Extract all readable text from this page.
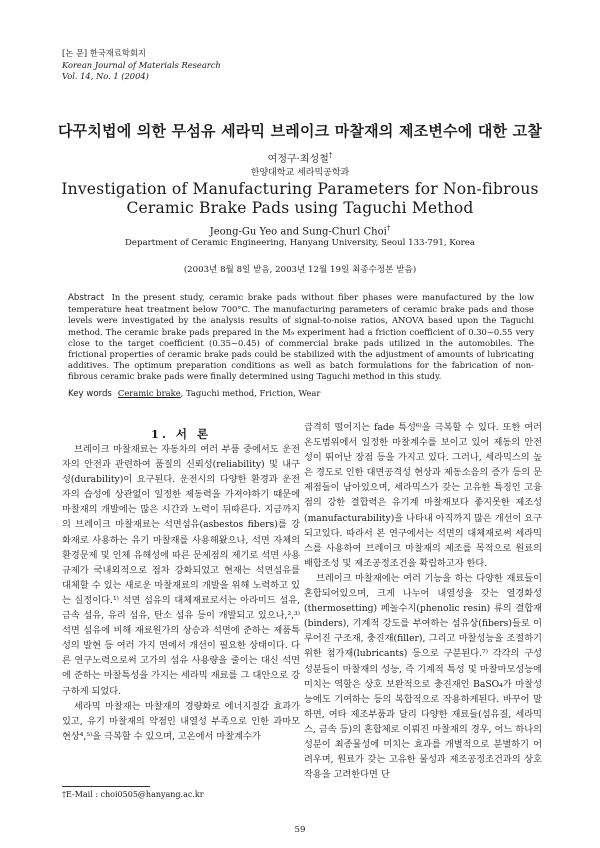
[논 문] 한국재료학회지
Korean Journal of Materials Research
Vol. 14, No. 1 (2004)
다꾸치법에 의한 무섬유 세라믹 브레이크 마찰재의 제조변수에 대한 고찰
여정구·최성철†
한양대학교 세라믹공학과
Investigation of Manufacturing Parameters for Non-fibrous
Ceramic Brake Pads using Taguchi Method
Jeong-Gu Yeo and Sung-Churl Choi†
Department of Ceramic Engineering, Hanyang University, Seoul 133-791, Korea
(2003년 8월 8일 받음, 2003년 12월 19일 최종수정본 받음)
Abstract In the present study, ceramic brake pads without fiber phases were manufactured by the low temperature heat treatment below 700°C. The manufacturing parameters of ceramic brake pads and those levels were investigated by the analysis results of signal-to-noise ratios, ANOVA based upon the Taguchi method. The ceramic brake pads prepared in the M₉ experiment had a friction coefficient of 0.30~0.55 very close to the target coefficient (0.35~0.45) of commercial brake pads utilized in the automobiles. The frictional properties of ceramic brake pads could be stabilized with the adjustment of amounts of lubricating additives. The optimum preparation conditions as well as batch formulations for the fabrication of non-fibrous ceramic brake pads were finally determined using Taguchi method in this study.
Key words Ceramic brake, Taguchi method, Friction, Wear
1. 서 론

브레이크 마찰재료는 자동차의 여러 부품 중에서도 운전자의 안전과 관련하여 품질의 신뢰성(reliability) 및 내구성(durability)이 요구된다. 운전시의 다양한 환경과 운전자의 습성에 상관없이 일정한 제동력을 가져야하기 때문에 마찰재의 개발에는 많은 시간과 노력이 뒤따른다. 지금까지의 브레이크 마찰재료는 석면섬유(asbestos fibers)를 강화재로 사용하는 유기 마찰재를 사용해왔으나, 석면 자체의 환경문제 및 인체 유해성에 따른 문제점의 제기로 석면 사용규제가 국내외적으로 점차 강화되었고 현재는 석면섬유를 대체할 수 있는 새로운 마찰재료의 개발을 위해 노력하고 있는 실정이다.¹⁾ 석면 섬유의 대체재료로서는 아라미드 섬유, 금속 섬유, 유리 섬유, 탄소 섬유 등이 개발되고 있으나,²,³⁾ 석면 섬유에 비해 재료원가의 상승과 석면에 준하는 제품특성의 발현 등 여러 가지 면에서 개선이 필요한 상태이다. 다른 연구노력으로써 고가의 섬유 사용량을 줄이는 대신 석면에 준하는 마찰특성을 가지는 세라믹 재료를 그 대안으로 강구하게 되었다.

세라믹 마찰재는 마찰재의 경량화로 에너지절감 효과가 있고, 유기 마찰재의 약점인 내열성 부족으로 인한 과마모 현상⁴,⁵⁾을 극복할 수 있으며, 고온에서 마찰계수가

급격히 떨어지는 fade 특성⁶⁾을 극복할 수 있다. 또한 여러 온도범위에서 일정한 마찰계수를 보이고 있어 제동의 안전성이 뛰어난 장점 등을 가지고 있다. 그러나, 세라믹스의 높은 경도로 인한 대면공격성 현상과 제동소음의 증가 등의 문제점들이 남아있으며, 세라믹스가 갖는 고유한 특징인 고융점의 강한 결합력은 유기계 마찰재보다 좋지못한 제조성(manufacturability)을 나타내 아직까지 많은 개선이 요구되고있다. 따라서 본 연구에서는 석면의 대체재로써 세라믹스를 사용하여 브레이크 마찰재의 제조를 목적으로 원료의 배합조성 및 제조공정조건을 확립하고자 한다.

브레이크 마찰재에는 여러 기능을 하는 다양한 재료들이 혼합되어있으며, 크게 나누어 내열성을 갖는 열경화성(thermosetting) 페놀수지(phenolic resin) 류의 결합재(binders), 기계적 강도를 부여하는 섬유상(fibers)들로 이루어진 구조재, 충진재(filler), 그리고 마찰성능을 조절하기위한 첨가재(lubricants) 등으로 구분된다.⁷⁾ 각각의 구성 성분들이 마찰재의 성능, 즉 기계적 특성 및 마찰마모성능에 미치는 역할은 상호 보완적으로 충진재인 BaSO₄가 마찰성능에도 기여하는 등의 복합적으로 작용하게된다. 바꾸어 말하면, 여타 제조부품과 달리 다양한 재료들(섬유질, 세라믹스, 금속 등)의 혼합체로 이뤄진 마찰재의 경우, 어느 하나의 성분이 최종물성에 미치는 효과를 개별적으로 분별하기 어려우며, 원료가 갖는 고유한 물성과 제조공정조건과의 상호작용을 고려한다면 단

†E-Mail : choi0505@hanyang.ac.kr
59
